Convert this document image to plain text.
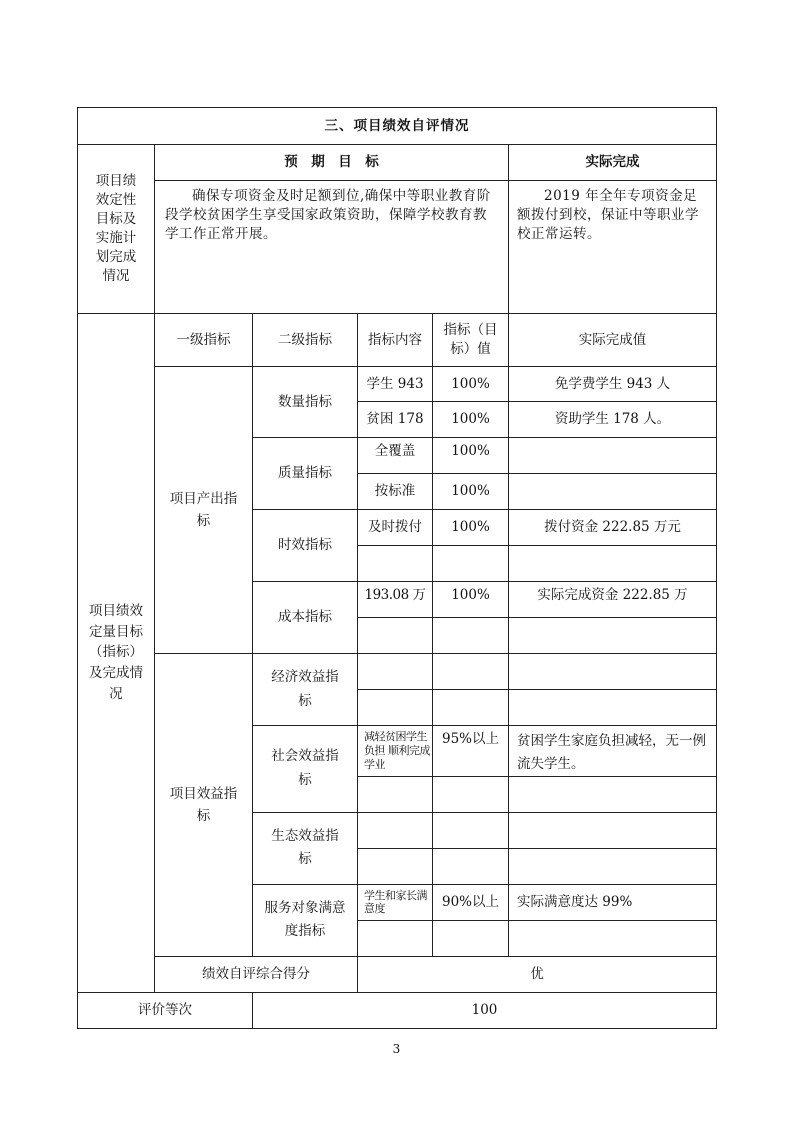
三、项目绩效自评情况					

项目绩效定性目标及实施计划完成情况	预　期　目　标				实际完成
	确保专项资金及时足额到位,确保中等职业教育阶段学校贫困学生享受国家政策资助，保障学校教育教学工作正常开展。				2019 年全年专项资金足额拨付到校，保证中等职业学校正常运转。

项目绩效定量目标（指标）及完成情况	一级指标	二级指标	指标内容	指标（目标）值	实际完成值

	项目产出指标	数量指标	学生 943	100%	免学费学生 943 人
			贫困 178	100%	资助学生 178 人。
		质量指标	全覆盖	100%	
			按标准	100%	
		时效指标	及时拨付	100%	拨付资金 222.85 万元

		成本指标	193.08 万	100%	实际完成资金 222.85 万

	项目效益指标	经济效益指标			

		社会效益指标	减轻贫困学生负担 顺利完成学业	95%以上	贫困学生家庭负担减轻，无一例流失学生。

		生态效益指标			

		服务对象满意度指标	学生和家长满意度	90%以上	实际满意度达 99%

	绩效自评综合得分		优		
评价等次		100			
3
